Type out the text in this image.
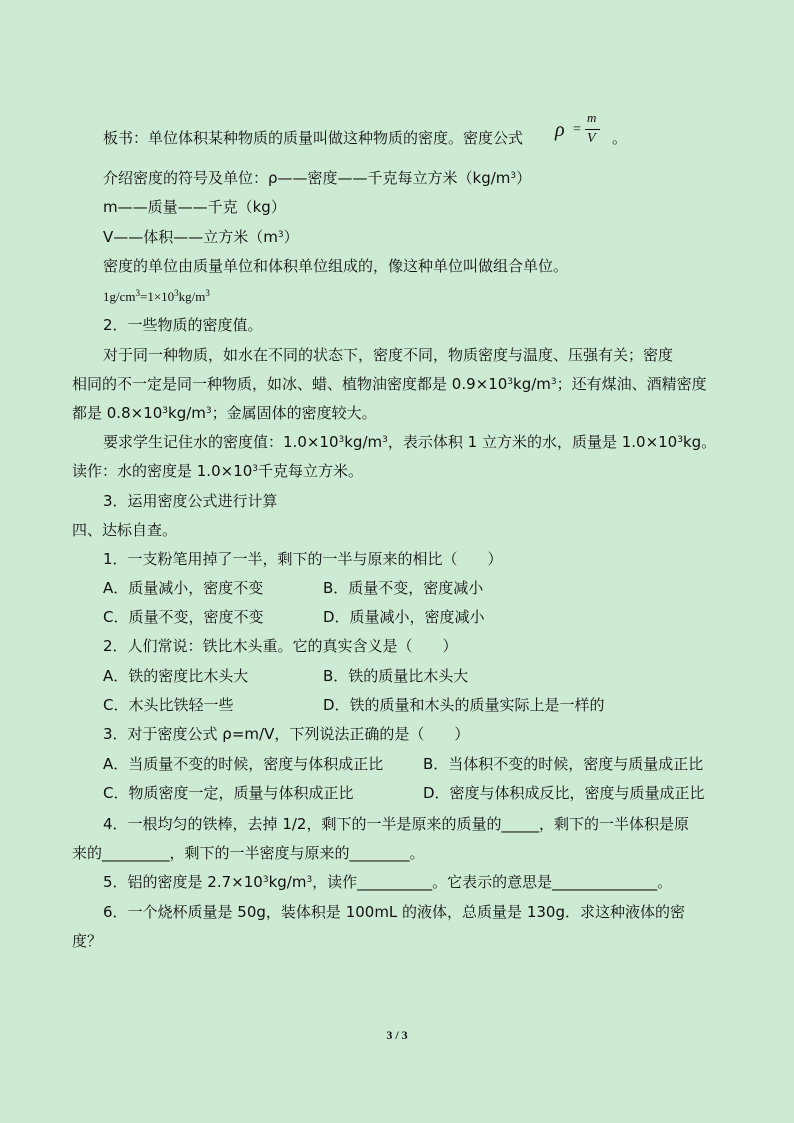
板书：单位体积某种物质的质量叫做这种物质的密度。密度公式 ρ =
m
V 。
介绍密度的符号及单位：ρ——密度——千克每立方米$(kg/m^3)$
m——质量——千克（kg）
V——体积——立方米$(m^3)$
密度的单位由质量单位和体积单位组成的，像这种单位叫做组合单位。
$1g/cm^3=1\times 10^3kg/m^3$
2．一些物质的密度值。
对于同一种物质，如水在不同的状态下，密度不同，物质密度与温度、压强有关；密度
相同的不一定是同一种物质，如冰、蜡、植物油密度都是 $0.9\times 10^3kg/m^3$；还有煤油、酒精密度
都是 $0.8\times 10^3kg/m^3$；金属固体的密度较大。
要求学生记住水的密度值：$1.0\times 10^3kg/m^3$，表示体积 1 立方米的水，质量是 $1.0\times 10^3kg$。
读作：水的密度是 $1.0\times 10^3$千克每立方米。
3．运用密度公式进行计算
四、达标自查。
1．一支粉笔用掉了一半，剩下的一半与原来的相比（　　）
A．质量减小，密度不变	B．质量不变，密度减小
C．质量不变，密度不变	D．质量减小，密度减小
2．人们常说：铁比木头重。它的真实含义是（　　）
A．铁的密度比木头大	B．铁的质量比木头大
C．木头比铁轻一些	D．铁的质量和木头的质量实际上是一样的
3．对于密度公式 ρ=m/V，下列说法正确的是（　　）
A．当质量不变的时候，密度与体积成正比	B．当体积不变的时候，密度与质量成正比
C．物质密度一定，质量与体积成正比	D．密度与体积成反比，密度与质量成正比
4．一根均匀的铁棒，去掉 1/2，剩下的一半是原来的质量的_____，剩下的一半体积是原
来的_________，剩下的一半密度与原来的________。
5．铝的密度是 $2.7\times 10^3kg/m^3$，读作__________。它表示的意思是______________。
6．一个烧杯质量是 50g，装体积是 100mL 的液体，总质量是 130g．求这种液体的密
度？
3 / 3
